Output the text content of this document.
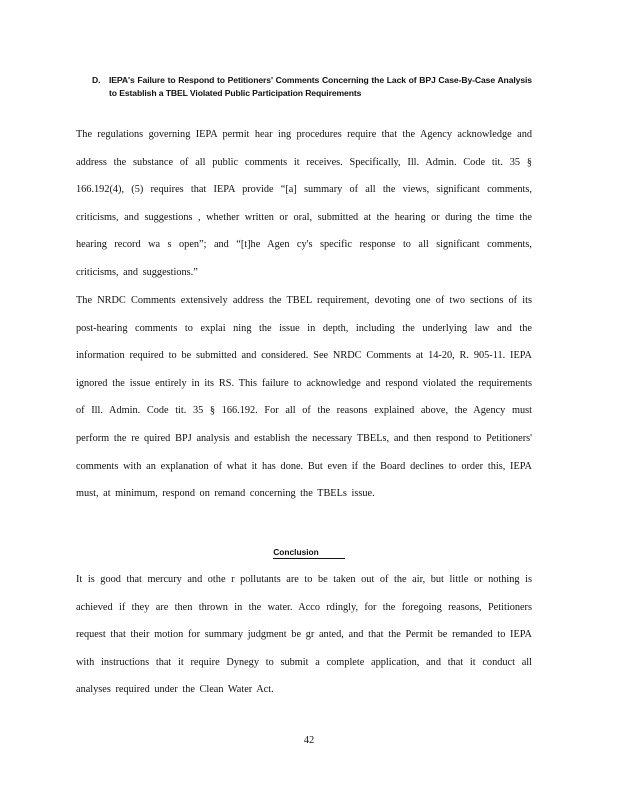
D. IEPA's Failure to Respond to Petitioners' Comments Concerning the Lack of BPJ Case-By-Case Analysis to Establish a TBEL Violated Public Participation Requirements
The regulations governing IEPA permit hear ing procedures require that the Agency acknowledge and address the substance of all public comments it receives. Specifically, Ill. Admin. Code tit. 35 § 166.192(4), (5) requires that IEPA provide “[a] summary of all the views, significant comments, criticisms, and suggestions , whether written or oral, submitted at the hearing or during the time the hearing record wa s open”; and “[t]he Agen cy's specific response to all significant comments, criticisms, and suggestions.”
The NRDC Comments extensively address the TBEL requirement, devoting one of two sections of its post-hearing comments to explai ning the issue in depth, including the underlying law and the information required to be submitted and considered. See NRDC Comments at 14-20, R. 905-11. IEPA ignored the issue entirely in its RS. This failure to acknowledge and respond violated the requirements of Ill. Admin. Code tit. 35 § 166.192. For all of the reasons explained above, the Agency must perform the re quired BPJ analysis and establish the necessary TBELs, and then respond to Petitioners' comments with an explanation of what it has done. But even if the Board declines to order this, IEPA must, at minimum, respond on remand concerning the TBELs issue.
Conclusion
It is good that mercury and othe r pollutants are to be taken out of the air, but little or nothing is achieved if they are then thrown in the water. Acco rdingly, for the foregoing reasons, Petitioners request that their motion for summary judgment be gr anted, and that the Permit be remanded to IEPA with instructions that it require Dynegy to submit a complete application, and that it conduct all analyses required under the Clean Water Act.
42
